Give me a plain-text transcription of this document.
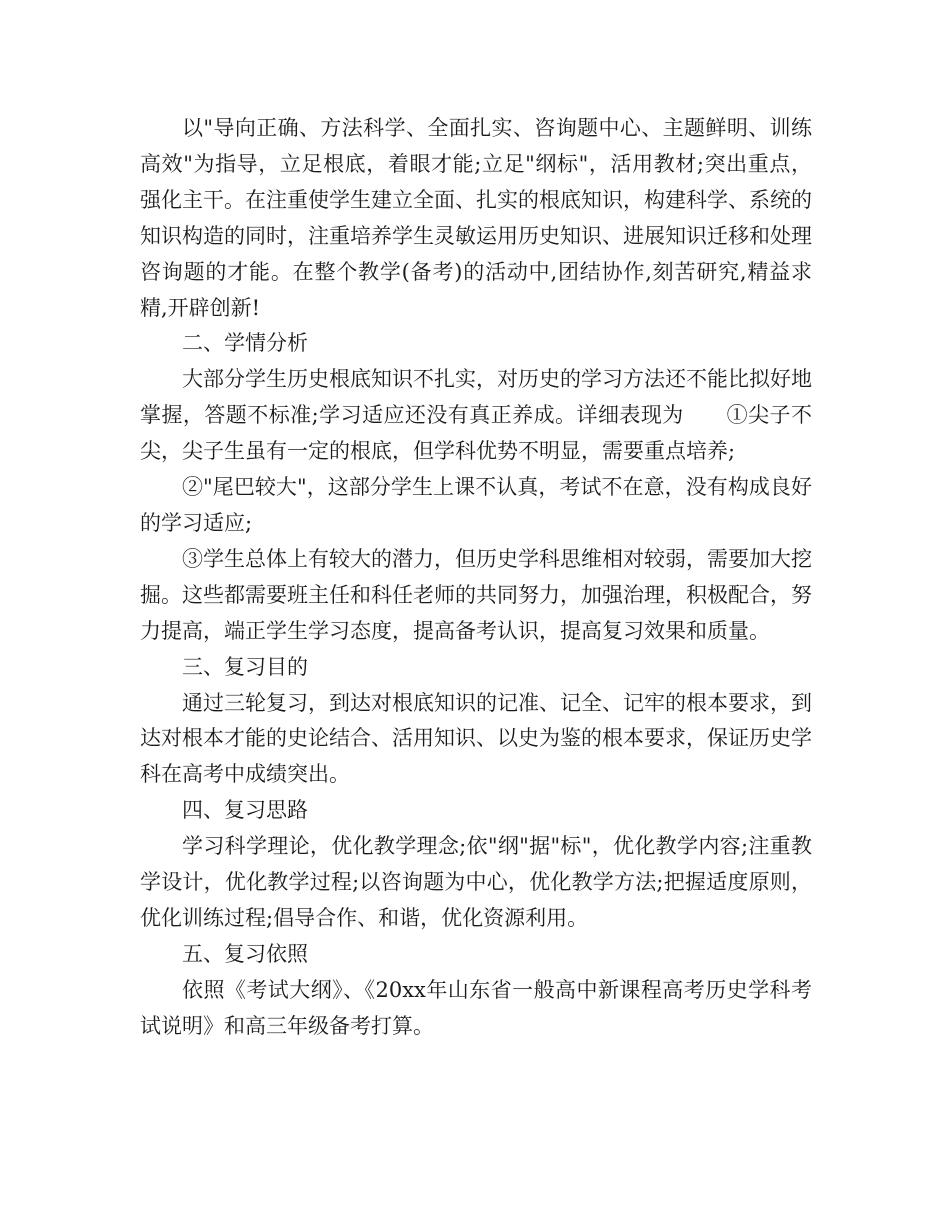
以"导向正确、方法科学、全面扎实、咨询题中心、主题鲜明、训练高效"为指导，立足根底，着眼才能;立足"纲标"，活用教材;突出重点，强化主干。在注重使学生建立全面、扎实的根底知识，构建科学、系统的知识构造的同时，注重培养学生灵敏运用历史知识、进展知识迁移和处理咨询题的才能。在整个教学(备考)的活动中,团结协作,刻苦研究,精益求精,开辟创新!

二、学情分析

大部分学生历史根底知识不扎实，对历史的学习方法还不能比拟好地掌握，答题不标准;学习适应还没有真正养成。详细表现为　　①尖子不尖，尖子生虽有一定的根底，但学科优势不明显，需要重点培养;

②"尾巴较大"，这部分学生上课不认真，考试不在意，没有构成良好的学习适应;

③学生总体上有较大的潜力，但历史学科思维相对较弱，需要加大挖掘。这些都需要班主任和科任老师的共同努力，加强治理，积极配合，努力提高，端正学生学习态度，提高备考认识，提高复习效果和质量。

三、复习目的

通过三轮复习，到达对根底知识的记准、记全、记牢的根本要求，到达对根本才能的史论结合、活用知识、以史为鉴的根本要求，保证历史学科在高考中成绩突出。

四、复习思路

学习科学理论，优化教学理念;依"纲"据"标"，优化教学内容;注重教学设计，优化教学过程;以咨询题为中心，优化教学方法;把握适度原则，优化训练过程;倡导合作、和谐，优化资源利用。

五、复习依照

依照《考试大纲》、《20xx年山东省一般高中新课程高考历史学科考试说明》和高三年级备考打算。
